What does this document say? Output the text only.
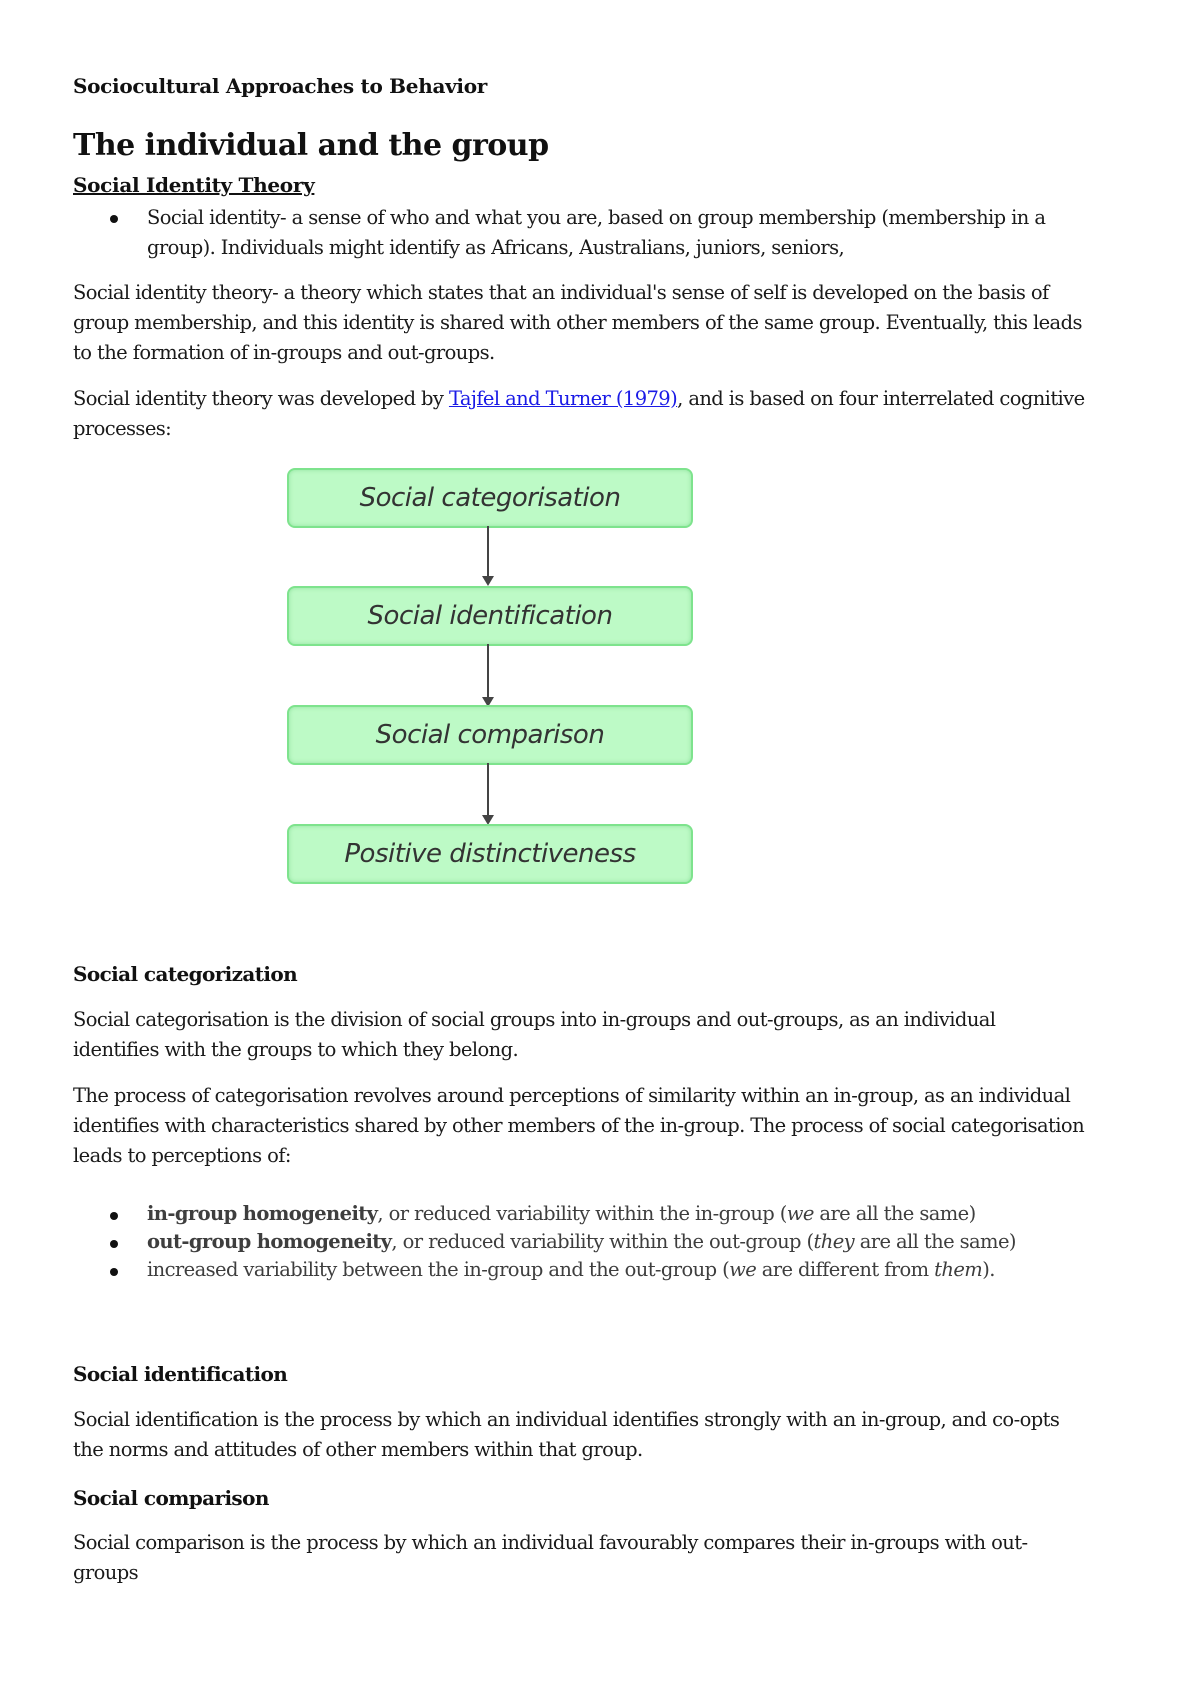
Sociocultural Approaches to Behavior
The individual and the group
Social Identity Theory
Social identity- a sense of who and what you are, based on group membership (membership in a
group). Individuals might identify as Africans, Australians, juniors, seniors,
Social identity theory- a theory which states that an individual's sense of self is developed on the basis of
group membership, and this identity is shared with other members of the same group. Eventually, this leads
to the formation of in-groups and out-groups.
Social identity theory was developed by Tajfel and Turner (1979), and is based on four interrelated cognitive
processes:
Social categorisation
Social identification
Social comparison
Positive distinctiveness
Social categorization
Social categorisation is the division of social groups into in-groups and out-groups, as an individual
identifies with the groups to which they belong.
The process of categorisation revolves around perceptions of similarity within an in-group, as an individual
identifies with characteristics shared by other members of the in-group. The process of social categorisation
leads to perceptions of:
in-group homogeneity, or reduced variability within the in-group (we are all the same)
out-group homogeneity, or reduced variability within the out-group (they are all the same)
increased variability between the in-group and the out-group (we are different from them).
Social identification
Social identification is the process by which an individual identifies strongly with an in-group, and co-opts
the norms and attitudes of other members within that group.
Social comparison
Social comparison is the process by which an individual favourably compares their in-groups with out-
groups
